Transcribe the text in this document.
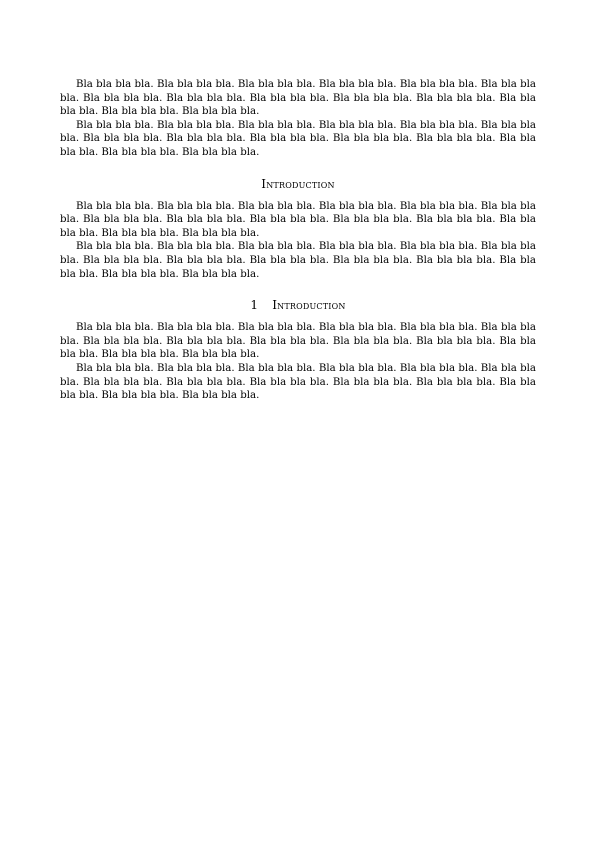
Bla bla bla bla. Bla bla bla bla. Bla bla bla bla. Bla bla bla bla. Bla bla bla bla. Bla bla bla bla. Bla bla bla bla. Bla bla bla bla. Bla bla bla bla. Bla bla bla bla. Bla bla bla bla. Bla bla bla bla. Bla bla bla bla. Bla bla bla bla.

Bla bla bla bla. Bla bla bla bla. Bla bla bla bla. Bla bla bla bla. Bla bla bla bla. Bla bla bla bla. Bla bla bla bla. Bla bla bla bla. Bla bla bla bla. Bla bla bla bla. Bla bla bla bla. Bla bla bla bla. Bla bla bla bla. Bla bla bla bla.

Introduction

Bla bla bla bla. Bla bla bla bla. Bla bla bla bla. Bla bla bla bla. Bla bla bla bla. Bla bla bla bla. Bla bla bla bla. Bla bla bla bla. Bla bla bla bla. Bla bla bla bla. Bla bla bla bla. Bla bla bla bla. Bla bla bla bla. Bla bla bla bla.

Bla bla bla bla. Bla bla bla bla. Bla bla bla bla. Bla bla bla bla. Bla bla bla bla. Bla bla bla bla. Bla bla bla bla. Bla bla bla bla. Bla bla bla bla. Bla bla bla bla. Bla bla bla bla. Bla bla bla bla. Bla bla bla bla. Bla bla bla bla.

1 Introduction

Bla bla bla bla. Bla bla bla bla. Bla bla bla bla. Bla bla bla bla. Bla bla bla bla. Bla bla bla bla. Bla bla bla bla. Bla bla bla bla. Bla bla bla bla. Bla bla bla bla. Bla bla bla bla. Bla bla bla bla. Bla bla bla bla. Bla bla bla bla.

Bla bla bla bla. Bla bla bla bla. Bla bla bla bla. Bla bla bla bla. Bla bla bla bla. Bla bla bla bla. Bla bla bla bla. Bla bla bla bla. Bla bla bla bla. Bla bla bla bla. Bla bla bla bla. Bla bla bla bla. Bla bla bla bla. Bla bla bla bla.
